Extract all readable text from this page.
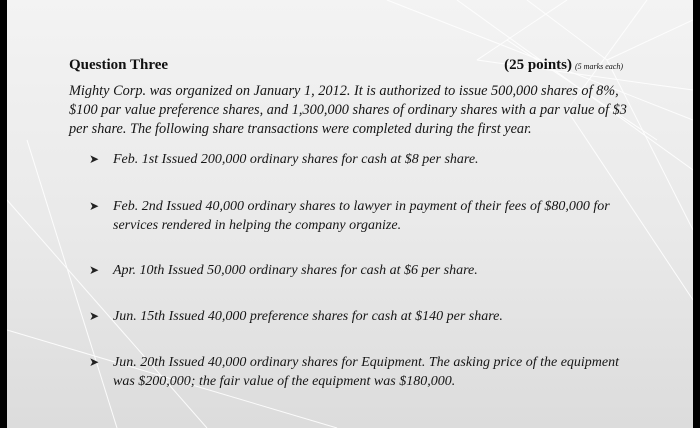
Question Three	(25 points) (5 marks each)
Mighty Corp. was organized on January 1, 2012. It is authorized to issue 500,000 shares of 8%, $100 par value preference shares, and 1,300,000 shares of ordinary shares with a par value of $3 per share. The following share transactions were completed during the first year.
➤ Feb. 1st Issued 200,000 ordinary shares for cash at $8 per share.
➤ Feb. 2nd Issued 40,000 ordinary shares to lawyer in payment of their fees of $80,000 for services rendered in helping the company organize.
➤ Apr. 10th Issued 50,000 ordinary shares for cash at $6 per share.
➤ Jun. 15th Issued 40,000 preference shares for cash at $140 per share.
➤ Jun. 20th Issued 40,000 ordinary shares for Equipment. The asking price of the equipment was $200,000; the fair value of the equipment was $180,000.
